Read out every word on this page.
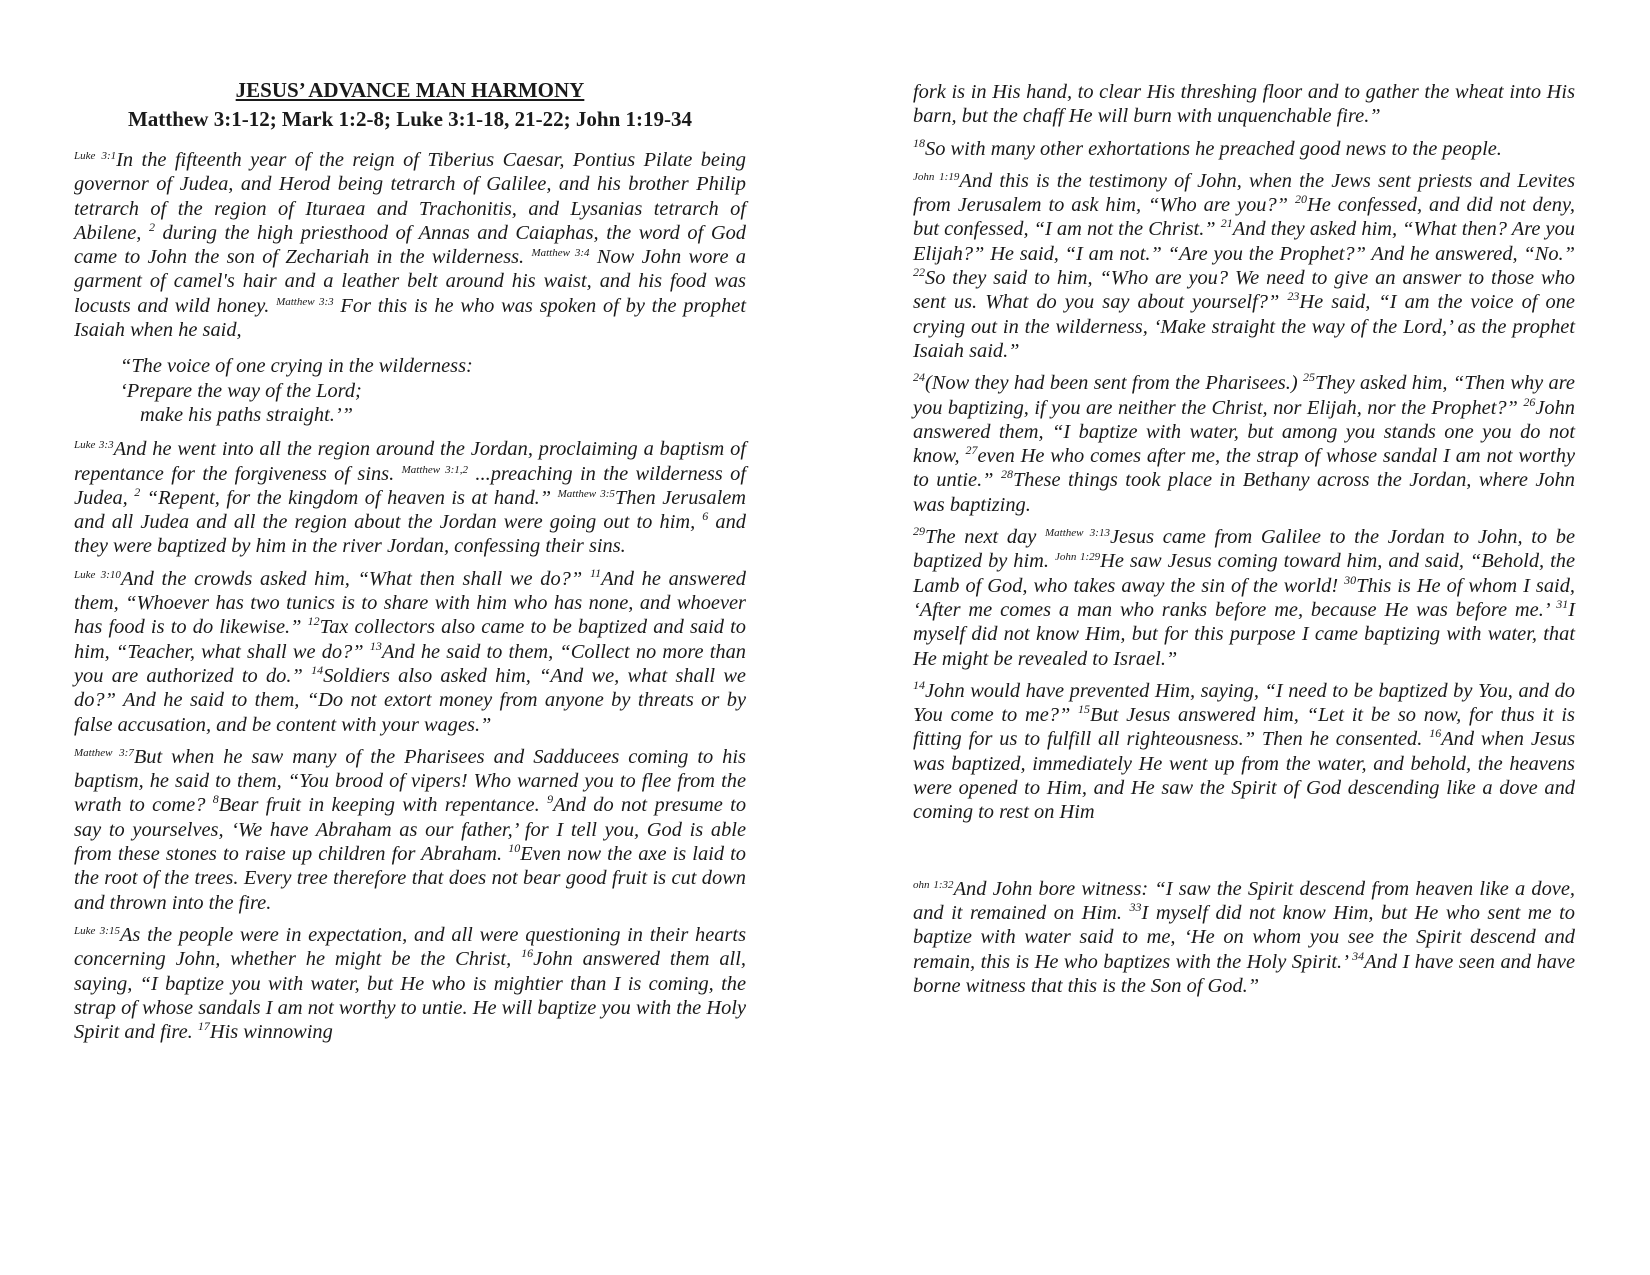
JESUS’ ADVANCE MAN HARMONY
Matthew 3:1-12; Mark 1:2-8; Luke 3:1-18, 21-22; John 1:19-34

$^{Luke 3:1}$In the fifteenth year of the reign of Tiberius Caesar, Pontius Pilate being governor of Judea, and Herod being tetrarch of Galilee, and his brother Philip tetrarch of the region of Ituraea and Trachonitis, and Lysanias tetrarch of Abilene, $^2$ during the high priesthood of Annas and Caiaphas, the word of God came to John the son of Zechariah in the wilderness. $^{Matthew 3:4}$ Now John wore a garment of camel's hair and a leather belt around his waist, and his food was locusts and wild honey. $^{Matthew 3:3}$ For this is he who was spoken of by the prophet Isaiah when he said,

“The voice of one crying in the wilderness:
‘Prepare the way of the Lord;
make his paths straight.’”

$^{Luke 3:3}$And he went into all the region around the Jordan, proclaiming a baptism of repentance for the forgiveness of sins. $^{Matthew 3:1,2}$ ...preaching in the wilderness of Judea, $^2$ “Repent, for the kingdom of heaven is at hand.” $^{Matthew 3:5}$Then Jerusalem and all Judea and all the region about the Jordan were going out to him, $^6$ and they were baptized by him in the river Jordan, confessing their sins.

$^{Luke 3:10}$And the crowds asked him, “What then shall we do?” $^{11}$And he answered them, “Whoever has two tunics is to share with him who has none, and whoever has food is to do likewise.” $^{12}$Tax collectors also came to be baptized and said to him, “Teacher, what shall we do?” $^{13}$And he said to them, “Collect no more than you are authorized to do.” $^{14}$Soldiers also asked him, “And we, what shall we do?” And he said to them, “Do not extort money from anyone by threats or by false accusation, and be content with your wages.”

$^{Matthew 3:7}$But when he saw many of the Pharisees and Sadducees coming to his baptism, he said to them, “You brood of vipers! Who warned you to flee from the wrath to come? $^8$Bear fruit in keeping with repentance. $^9$And do not presume to say to yourselves, ‘We have Abraham as our father,’ for I tell you, God is able from these stones to raise up children for Abraham. $^{10}$Even now the axe is laid to the root of the trees. Every tree therefore that does not bear good fruit is cut down and thrown into the fire.

$^{Luke 3:15}$As the people were in expectation, and all were questioning in their hearts concerning John, whether he might be the Christ, $^{16}$John answered them all, saying, “I baptize you with water, but He who is mightier than I is coming, the strap of whose sandals I am not worthy to untie. He will baptize you with the Holy Spirit and fire. $^{17}$His winnowing

fork is in His hand, to clear His threshing floor and to gather the wheat into His barn, but the chaff He will burn with unquenchable fire.”

$^{18}$So with many other exhortations he preached good news to the people.

$^{John 1:19}$And this is the testimony of John, when the Jews sent priests and Levites from Jerusalem to ask him, “Who are you?” $^{20}$He confessed, and did not deny, but confessed, “I am not the Christ.” $^{21}$And they asked him, “What then? Are you Elijah?” He said, “I am not.” “Are you the Prophet?” And he answered, “No.” $^{22}$So they said to him, “Who are you? We need to give an answer to those who sent us. What do you say about yourself?” $^{23}$He said, “I am the voice of one crying out in the wilderness, ‘Make straight the way of the Lord,’ as the prophet Isaiah said.”

$^{24}$(Now they had been sent from the Pharisees.) $^{25}$They asked him, “Then why are you baptizing, if you are neither the Christ, nor Elijah, nor the Prophet?” $^{26}$John answered them, “I baptize with water, but among you stands one you do not know, $^{27}$even He who comes after me, the strap of whose sandal I am not worthy to untie.” $^{28}$These things took place in Bethany across the Jordan, where John was baptizing.

$^{29}$The next day $^{Matthew 3:13}$Jesus came from Galilee to the Jordan to John, to be baptized by him. $^{John 1:29}$He saw Jesus coming toward him, and said, “Behold, the Lamb of God, who takes away the sin of the world! $^{30}$This is He of whom I said, ‘After me comes a man who ranks before me, because He was before me.’ $^{31}$I myself did not know Him, but for this purpose I came baptizing with water, that He might be revealed to Israel.”

$^{14}$John would have prevented Him, saying, “I need to be baptized by You, and do You come to me?” $^{15}$But Jesus answered him, “Let it be so now, for thus it is fitting for us to fulfill all righteousness.” Then he consented. $^{16}$And when Jesus was baptized, immediately He went up from the water, and behold, the heavens were opened to Him, and He saw the Spirit of God descending like a dove and coming to rest on Him

$^{ohn 1:32}$And John bore witness: “I saw the Spirit descend from heaven like a dove, and it remained on Him. $^{33}$I myself did not know Him, but He who sent me to baptize with water said to me, ‘He on whom you see the Spirit descend and remain, this is He who baptizes with the Holy Spirit.’ $^{34}$And I have seen and have borne witness that this is the Son of God.”
